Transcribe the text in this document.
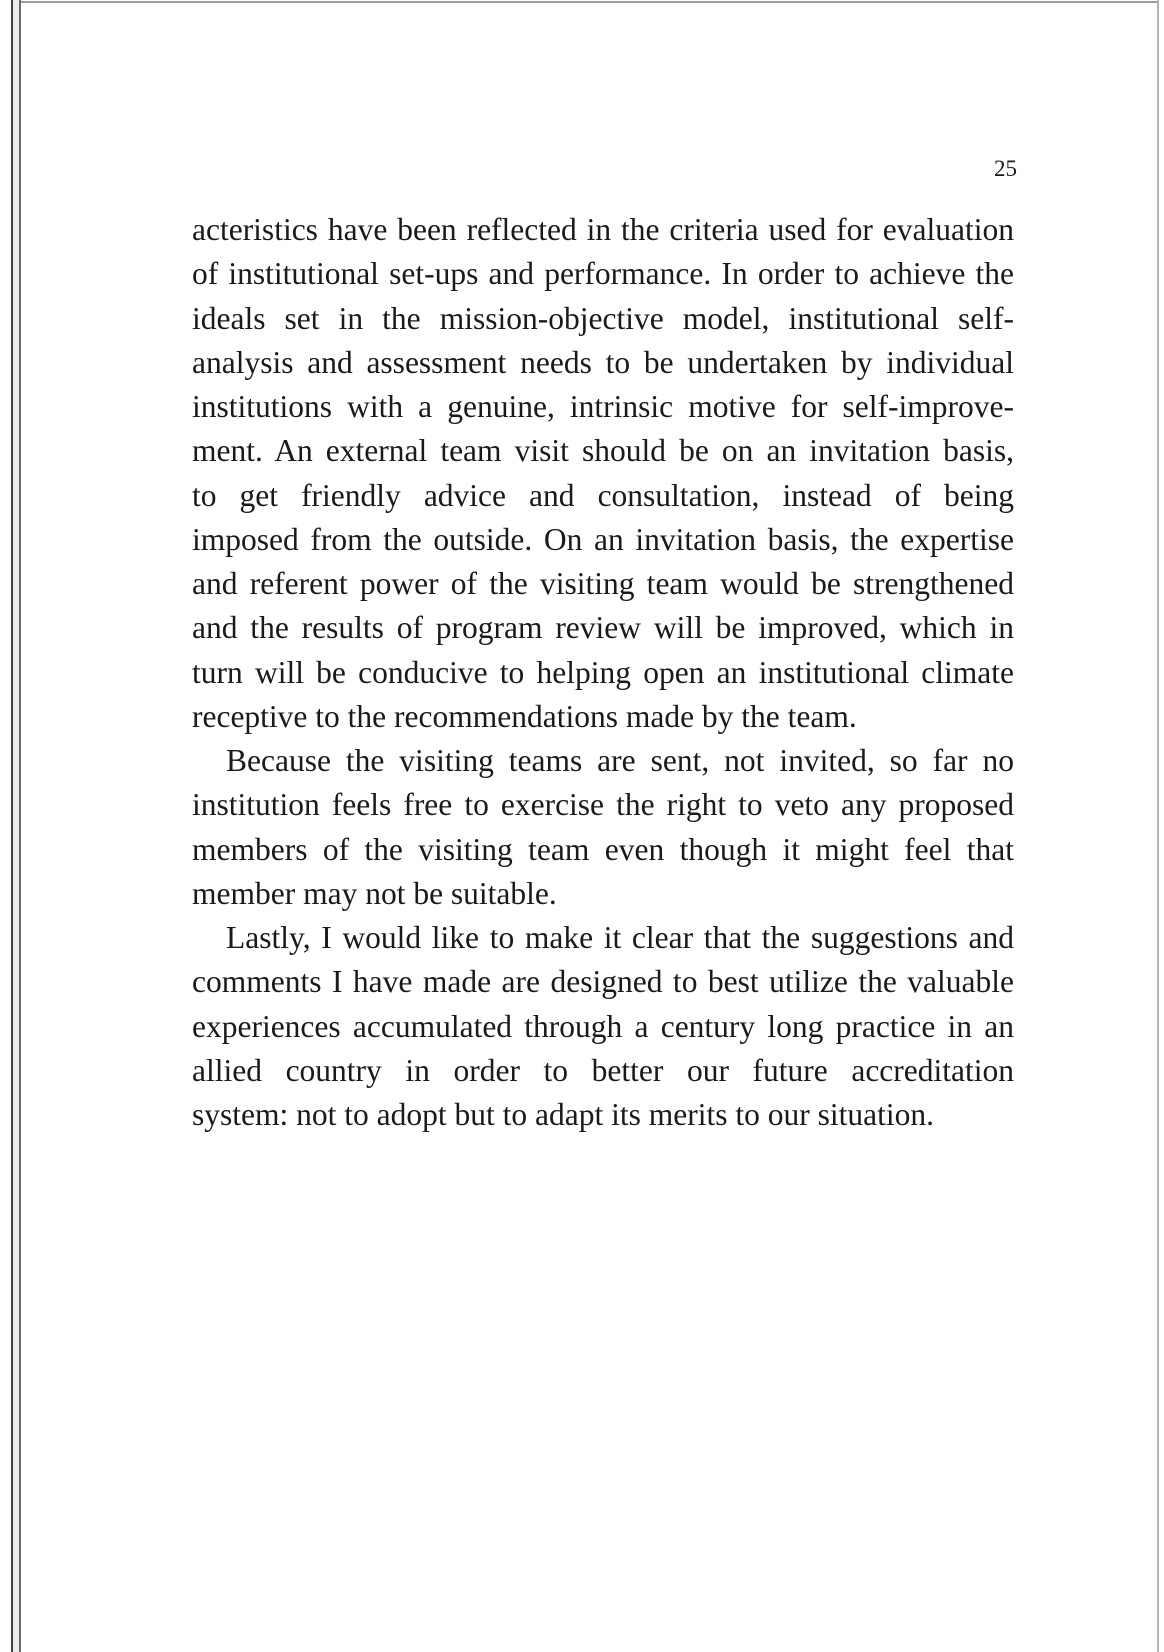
25
acteristics have been reflected in the criteria used for evaluation
of institutional set-ups and performance. In order to achieve the
ideals set in the mission-objective model, institutional self-
analysis and assessment needs to be undertaken by individual
institutions with a genuine, intrinsic motive for self-improve-
ment. An external team visit should be on an invitation basis,
to get friendly advice and consultation, instead of being
imposed from the outside. On an invitation basis, the expertise
and referent power of the visiting team would be strengthened
and the results of program review will be improved, which in
turn will be conducive to helping open an institutional climate
receptive to the recommendations made by the team.
Because the visiting teams are sent, not invited, so far no
institution feels free to exercise the right to veto any proposed
members of the visiting team even though it might feel that
member may not be suitable.
Lastly, I would like to make it clear that the suggestions and
comments I have made are designed to best utilize the valuable
experiences accumulated through a century long practice in an
allied country in order to better our future accreditation
system: not to adopt but to adapt its merits to our situation.
